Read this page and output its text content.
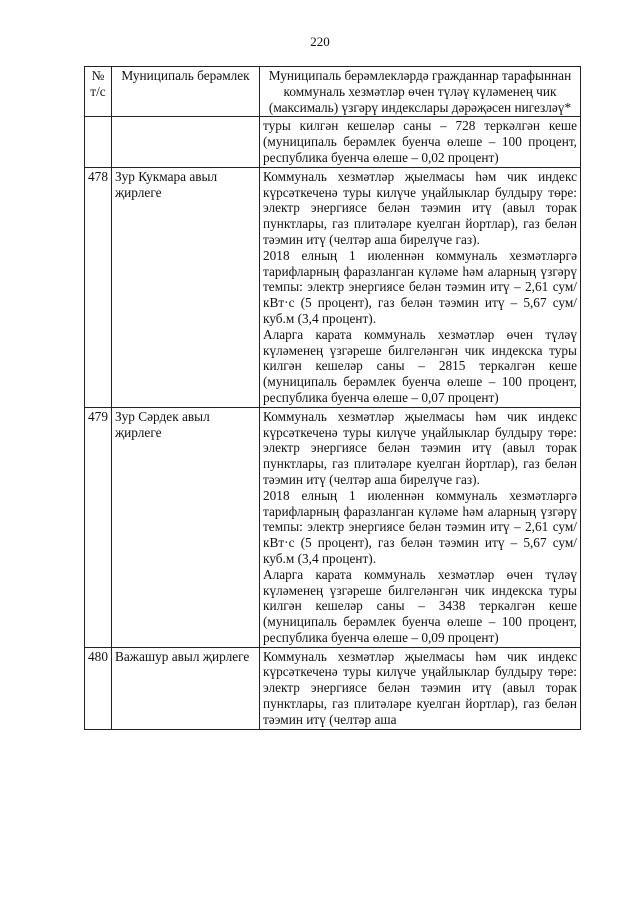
220
№ т/с	Муниципаль берәмлек	Муниципаль берәмлекләрдә гражданнар тарафыннан коммуналь хезмәтләр өчен түләү күләменең чик (максималь) үзгәрү индекслары дәрәҗәсен нигезләү*

		туры килгән кешеләр саны – 728 теркәлгән кеше (муниципаль берәмлек буенча өлеше – 100 процент, республика буенча өлеше – 0,02 процент)

478	Зур Кукмара авыл җирлеге	Коммуналь хезмәтләр җыелмасы һәм чик индекс күрсәткеченә туры килүче уңайлыклар булдыру төре: электр энергиясе белән тәэмин итү (авыл торак пунктлары, газ плитәләре куелган йортлар), газ белән тәэмин итү (челтәр аша бирелүче газ).

2018 елның 1 июленнән коммуналь хезмәтләргә тарифларның фаразланган күләме һәм аларның үзгәрү темпы: электр энергиясе белән тәэмин итү – 2,61 сум/кВт·с (5 процент), газ белән тәэмин итү – 5,67 сум/куб.м (3,4 процент).

Аларга карата коммуналь хезмәтләр өчен түләү күләменең үзгәреше билгеләнгән чик индекска туры килгән кешеләр саны – 2815 теркәлгән кеше (муниципаль берәмлек буенча өлеше – 100 процент, республика буенча өлеше – 0,07 процент)

479	Зур Сәрдек авыл җирлеге	Коммуналь хезмәтләр җыелмасы һәм чик индекс күрсәткеченә туры килүче уңайлыклар булдыру төре: электр энергиясе белән тәэмин итү (авыл торак пунктлары, газ плитәләре куелган йортлар), газ белән тәэмин итү (челтәр аша бирелүче газ).

2018 елның 1 июленнән коммуналь хезмәтләргә тарифларның фаразланган күләме һәм аларның үзгәрү темпы: электр энергиясе белән тәэмин итү – 2,61 сум/кВт·с (5 процент), газ белән тәэмин итү – 5,67 сум/куб.м (3,4 процент).

Аларга карата коммуналь хезмәтләр өчен түләү күләменең үзгәреше билгеләнгән чик индекска туры килгән кешеләр саны – 3438 теркәлгән кеше (муниципаль берәмлек буенча өлеше – 100 процент, республика буенча өлеше – 0,09 процент)

480	Важашур авыл җирлеге	Коммуналь хезмәтләр җыелмасы һәм чик индекс күрсәткеченә туры килүче уңайлыклар булдыру төре: электр энергиясе белән тәэмин итү (авыл торак пунктлары, газ плитәләре куелган йортлар), газ белән тәэмин итү (челтәр аша
